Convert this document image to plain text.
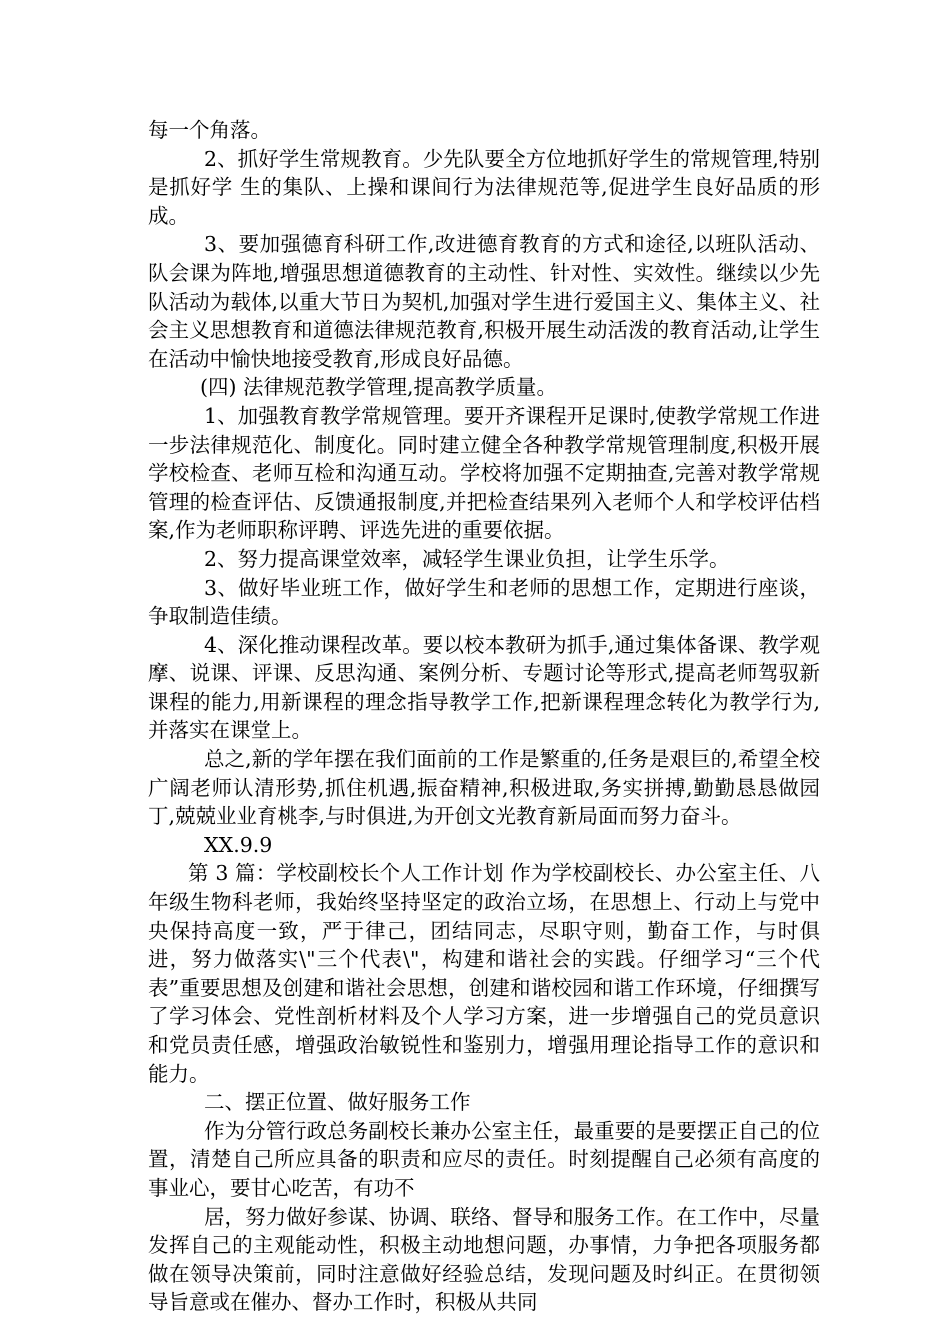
每一个角落。

2、抓好学生常规教育。少先队要全方位地抓好学生的常规管理,特别是抓好学 生的集队、上操和课间行为法律规范等,促进学生良好品质的形成。

3、要加强德育科研工作,改进德育教育的方式和途径,以班队活动、队会课为阵地,增强思想道德教育的主动性、针对性、实效性。继续以少先队活动为载体,以重大节日为契机,加强对学生进行爱国主义、集体主义、社会主义思想教育和道德法律规范教育,积极开展生动活泼的教育活动,让学生在活动中愉快地接受教育,形成良好品德。

(四) 法律规范教学管理,提高教学质量。

1、加强教育教学常规管理。要开齐课程开足课时,使教学常规工作进一步法律规范化、制度化。同时建立健全各种教学常规管理制度,积极开展学校检查、老师互检和沟通互动。学校将加强不定期抽查,完善对教学常规管理的检查评估、反馈通报制度,并把检查结果列入老师个人和学校评估档案,作为老师职称评聘、评选先进的重要依据。

2、努力提高课堂效率，减轻学生课业负担，让学生乐学。

3、做好毕业班工作，做好学生和老师的思想工作，定期进行座谈，争取制造佳绩。

4、深化推动课程改革。要以校本教研为抓手,通过集体备课、教学观摩、说课、评课、反思沟通、案例分析、专题讨论等形式,提高老师驾驭新课程的能力,用新课程的理念指导教学工作,把新课程理念转化为教学行为,并落实在课堂上。

总之,新的学年摆在我们面前的工作是繁重的,任务是艰巨的,希望全校广阔老师认清形势,抓住机遇,振奋精神,积极进取,务实拼搏,勤勤恳恳做园丁,兢兢业业育桃李,与时俱进,为开创文光教育新局面而努力奋斗。

XX.9.9

第 3 篇：学校副校长个人工作计划 作为学校副校长、办公室主任、八年级生物科老师，我始终坚持坚定的政治立场，在思想上、行动上与党中央保持高度一致，严于律己，团结同志，尽职守则，勤奋工作，与时俱进，努力做落实\"三个代表\"，构建和谐社会的实践。仔细学习“三个代表”重要思想及创建和谐社会思想，创建和谐校园和谐工作环境，仔细撰写了学习体会、党性剖析材料及个人学习方案，进一步增强自己的党员意识和党员责任感，增强政治敏锐性和鉴别力，增强用理论指导工作的意识和能力。

二、摆正位置、做好服务工作

作为分管行政总务副校长兼办公室主任，最重要的是要摆正自己的位置，清楚自己所应具备的职责和应尽的责任。时刻提醒自己必须有高度的事业心，要甘心吃苦，有功不

居，努力做好参谋、协调、联络、督导和服务工作。在工作中，尽量发挥自己的主观能动性，积极主动地想问题，办事情，力争把各项服务都做在领导决策前，同时注意做好经验总结，发现问题及时纠正。在贯彻领导旨意或在催办、督办工作时，积极从共同
